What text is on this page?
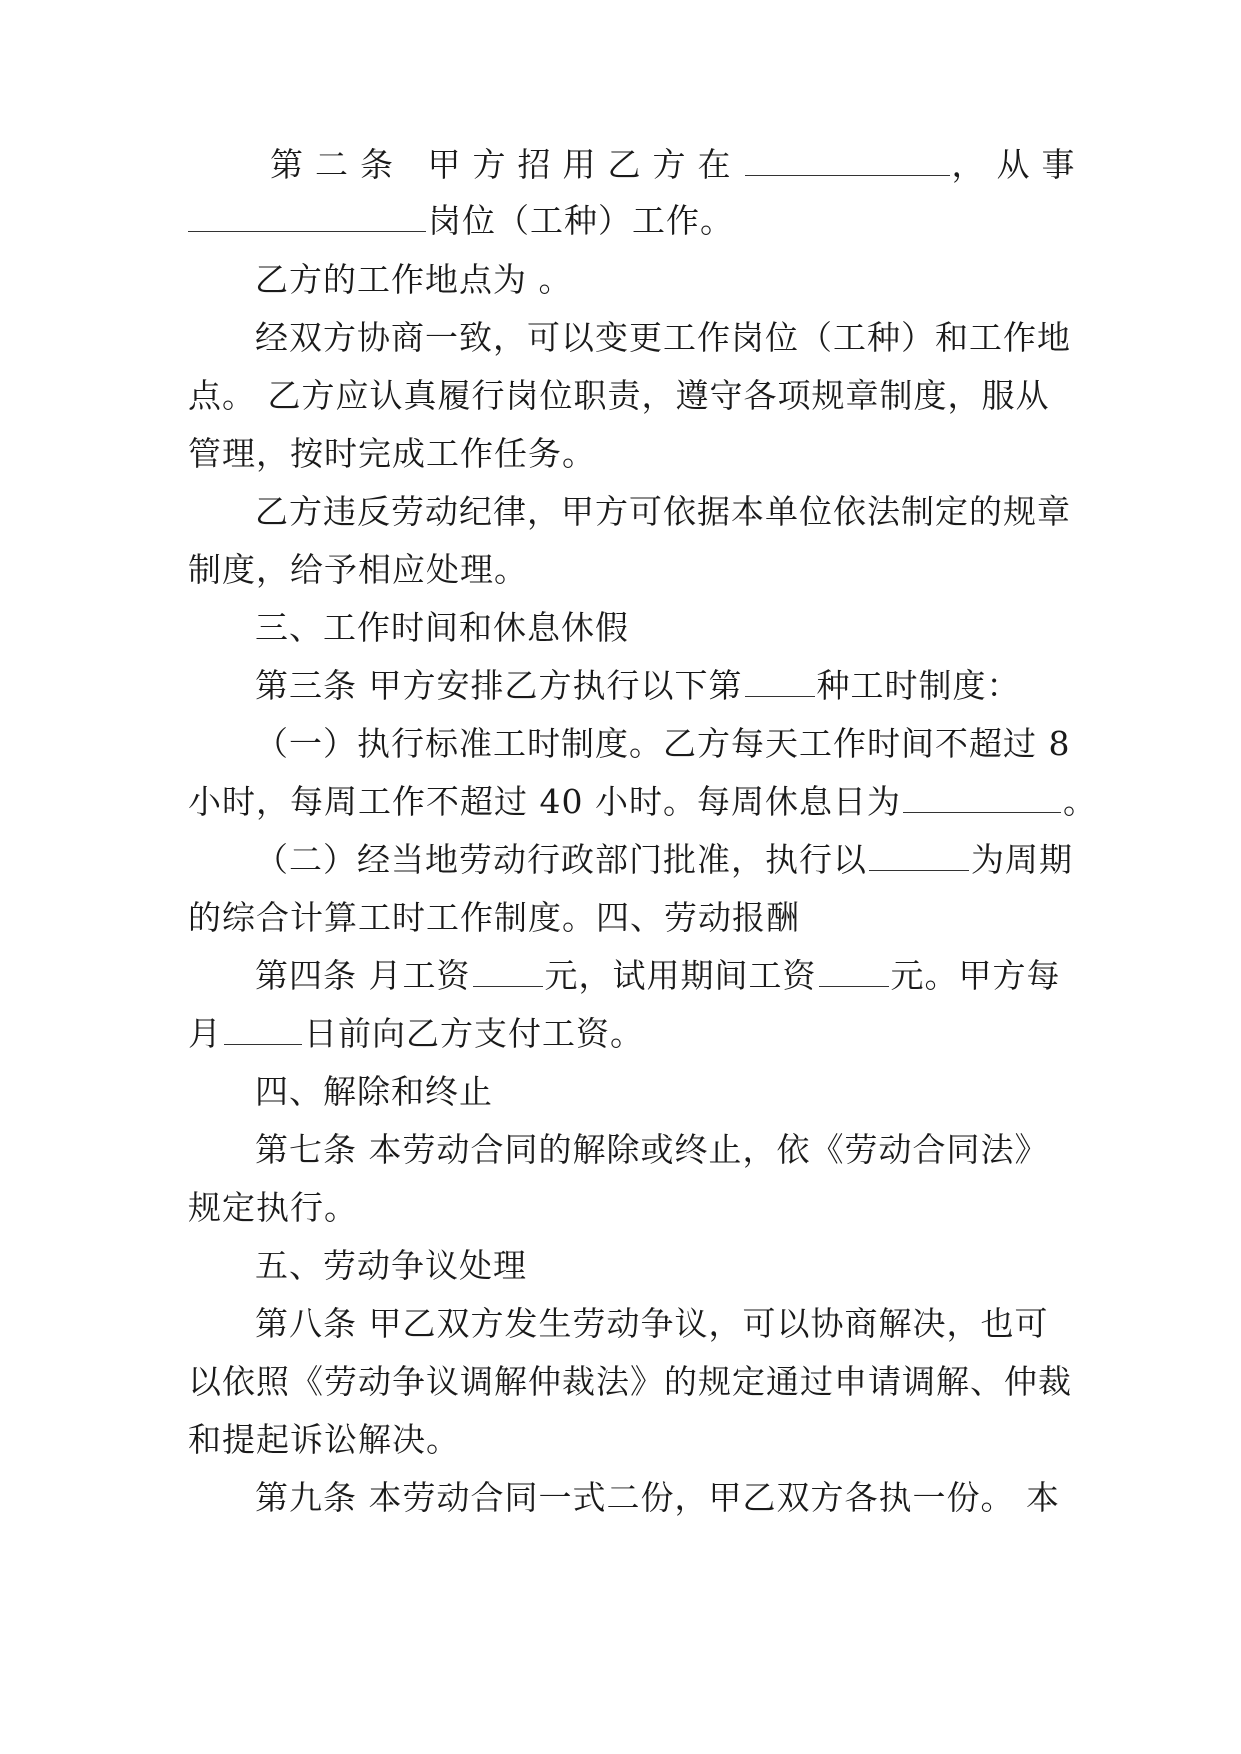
第二条 甲方招用乙方在	，从事
岗位（工种）工作。
乙方的工作地点为 。
经双方协商一致，可以变更工作岗位（工种）和工作地
点。 乙方应认真履行岗位职责，遵守各项规章制度，服从
管理，按时完成工作任务。
乙方违反劳动纪律，甲方可依据本单位依法制定的规章
制度，给予相应处理。
三、工作时间和休息休假
第三条 甲方安排乙方执行以下第 种工时制度：
（一）执行标准工时制度。乙方每天工作时间不超过 8
小时，每周工作不超过 40 小时。每周休息日为	。
（二）经当地劳动行政部门批准，执行以	为周期
的综合计算工时工作制度。四、劳动报酬
第四条 月工资 元，试用期间工资 元。甲方每
月 日前向乙方支付工资。
四、解除和终止
第七条 本劳动合同的解除或终止，依《劳动合同法》
规定执行。
五、劳动争议处理
第八条 甲乙双方发生劳动争议，可以协商解决，也可
以依照《劳动争议调解仲裁法》的规定通过申请调解、仲裁
和提起诉讼解决。
第九条 本劳动合同一式二份，甲乙双方各执一份。 本
